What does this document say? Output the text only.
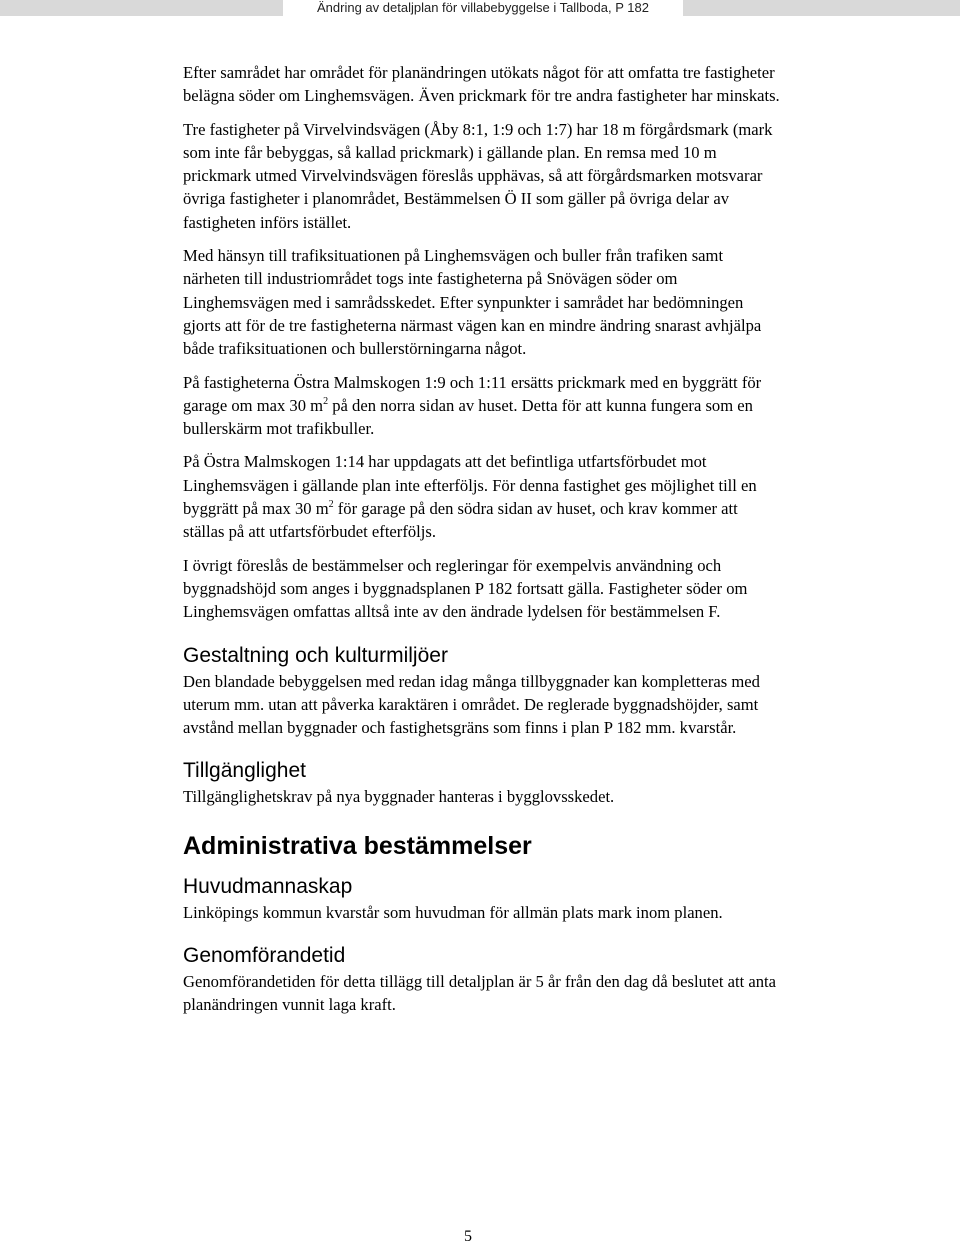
Ändring av detaljplan för villabebyggelse i Tallboda, P 182

Efter samrådet har området för planändringen utökats något för att omfatta tre fastigheter belägna söder om Linghemsvägen. Även prickmark för tre andra fastigheter har minskats.

Tre fastigheter på Virvelvindsvägen (Åby 8:1, 1:9 och 1:7) har 18 m förgårdsmark (mark som inte får bebyggas, så kallad prickmark) i gällande plan. En remsa med 10 m prickmark utmed Virvelvindsvägen föreslås upphävas, så att förgårdsmarken motsvarar övriga fastigheter i planområdet, Bestämmelsen Ö II som gäller på övriga delar av fastigheten införs istället.

Med hänsyn till trafiksituationen på Linghemsvägen och buller från trafiken samt närheten till industriområdet togs inte fastigheterna på Snövägen söder om Linghemsvägen med i samrådsskedet. Efter synpunkter i samrådet har bedömningen gjorts att för de tre fastigheterna närmast vägen kan en mindre ändring snarast avhjälpa både trafiksituationen och bullerstörningarna något.

På fastigheterna Östra Malmskogen 1:9 och 1:11 ersätts prickmark med en byggrätt för garage om max 30 $m^2$ på den norra sidan av huset. Detta för att kunna fungera som en bullerskärm mot trafikbuller.

På Östra Malmskogen 1:14 har uppdagats att det befintliga utfartsförbudet mot Linghemsvägen i gällande plan inte efterföljs. För denna fastighet ges möjlighet till en byggrätt på max 30 $m^2$ för garage på den södra sidan av huset, och krav kommer att ställas på att utfartsförbudet efterföljs.

I övrigt föreslås de bestämmelser och regleringar för exempelvis användning och byggnadshöjd som anges i byggnadsplanen P 182 fortsatt gälla. Fastigheter söder om Linghemsvägen omfattas alltså inte av den ändrade lydelsen för bestämmelsen F.

Gestaltning och kulturmiljöer

Den blandade bebyggelsen med redan idag många tillbyggnader kan kompletteras med uterum mm. utan att påverka karaktären i området. De reglerade byggnadshöjder, samt avstånd mellan byggnader och fastighetsgräns som finns i plan P 182 mm. kvarstår.

Tillgänglighet

Tillgänglighetskrav på nya byggnader hanteras i bygglovsskedet.

Administrativa bestämmelser
Huvudmannaskap

Linköpings kommun kvarstår som huvudman för allmän plats mark inom planen.

Genomförandetid

Genomförandetiden för detta tillägg till detaljplan är 5 år från den dag då beslutet att anta planändringen vunnit laga kraft.

5
